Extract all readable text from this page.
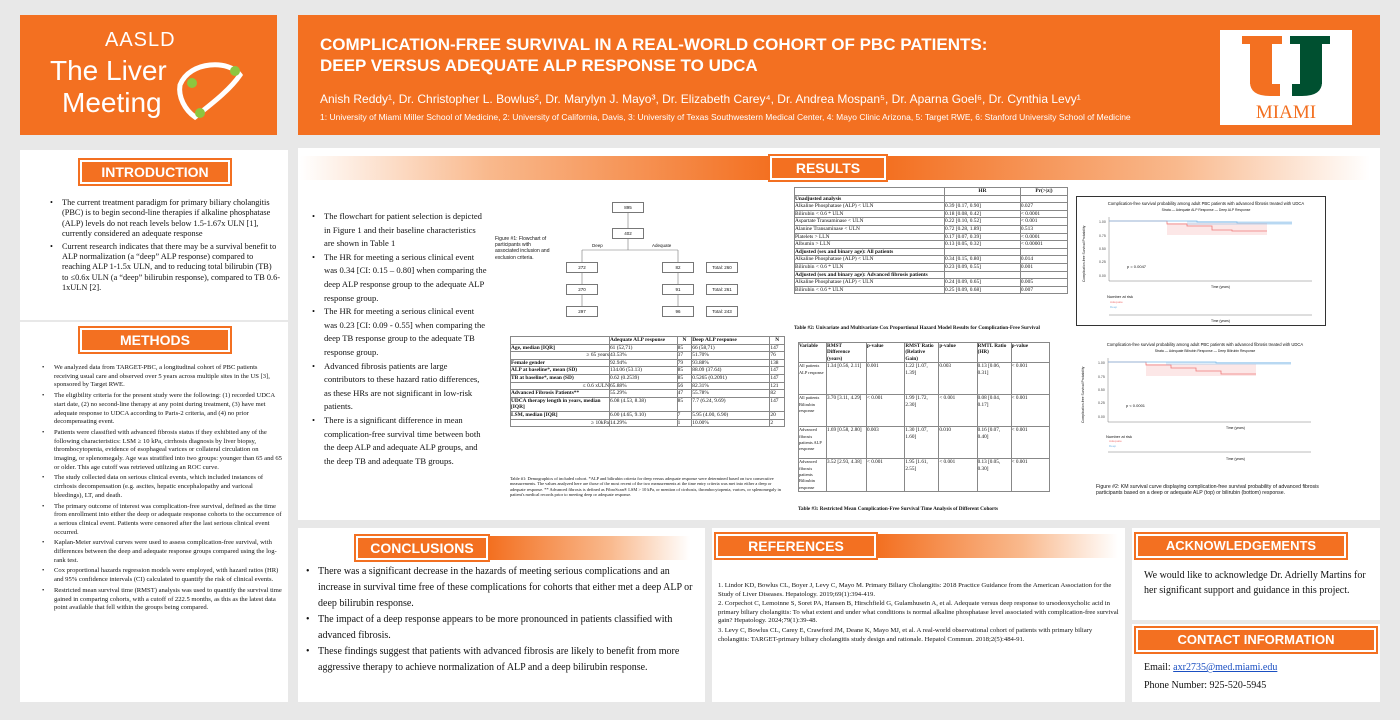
AASLD
The Liver
Meeting
COMPLICATION-FREE SURVIVAL IN A REAL-WORLD COHORT OF PBC PATIENTS:
DEEP VERSUS ADEQUATE ALP RESPONSE TO UDCA
Anish Reddy¹, Dr. Christopher L. Bowlus², Dr. Marylyn J. Mayo³, Dr. Elizabeth Carey⁴, Dr. Andrea Mospan⁵, Dr. Aparna Goel⁶, Dr. Cynthia Levy¹
1: University of Miami Miller School of Medicine, 2: University of California, Davis, 3: University of Texas Southwestern Medical Center, 4: Mayo Clinic Arizona, 5: Target RWE, 6: Stanford University School of Medicine	MIAMI
INTRODUCTION
• The current treatment paradigm for primary biliary cholangitis (PBC) is to begin second-line therapies if alkaline phosphatase (ALP) levels do not reach levels below 1.5-1.67x ULN [1], currently considered an adequate response
• Current research indicates that there may be a survival benefit to ALP normalization (a “deep” ALP response) compared to reaching ALP 1-1.5x ULN, and to reducing total bilirubin (TB) to ≤0.6x ULN (a “deep” bilirubin response), compared to TB 0.6-1xULN [2].
METHODS
• We analyzed data from TARGET-PBC, a longitudinal cohort of PBC patients receiving usual care and observed over 5 years across multiple sites in the US [3], sponsored by Target RWE.
• The eligibility criteria for the present study were the following: (1) recorded UDCA start date, (2) no second-line therapy at any point during treatment, (3) have met adequate response to UDCA according to Paris-2 criteria, and (4) no prior decompensating event.
• Patients were classified with advanced fibrosis status if they exhibited any of the following characteristics: LSM ≥ 10 kPa, cirrhosis diagnosis by liver biopsy, thrombocytopenia, evidence of esophageal varices or collateral circulation on imaging, or splenomegaly. Age was stratified into two groups: younger than 65 and 65 or older. This age cutoff was retrieved utilizing an ROC curve.
• The study collected data on serious clinical events, which included instances of cirrhosis decompensation (e.g. ascites, hepatic encephalopathy and variceal bleedings), LT, and death.
• The primary outcome of interest was complication-free survival, defined as the time from enrollment into either the deep or adequate response cohorts to the occurrence of a serious clinical event. Patients were censored after the last serious clinical event occurred.
• Kaplan-Meier survival curves were used to assess complication-free survival, with differences between the deep and adequate response groups compared using the log-rank test.
• Cox proportional hazards regression models were employed, with hazard ratios (HR) and 95% confidence intervals (CI) calculated to quantify the risk of clinical events.
• Restricted mean survival time (RMST) analysis was used to quantify the survival time gained in comparing cohorts, with a cutoff of 222.5 months, as this as the latest data point available that fell within the groups being compared.
RESULTS
• The flowchart for patient selection is depicted in Figure 1 and their baseline characteristics are shown in Table 1
• The HR for meeting a serious clinical event was 0.34 [CI: 0.15 – 0.80] when comparing the deep ALP response group to the adequate ALP response group.
• The HR for meeting a serious clinical event was 0.23 [CI: 0.09 - 0.55] when comparing the deep TB response group to the adequate TB response group.
• Advanced fibrosis patients are large contributors to these hazard ratio differences, as these HRs are not significant in low-risk patients.
• There is a significant difference in mean complication-free survival time between both the deep ALP and adequate ALP groups, and the deep TB and adequate TB groups.
Figure #1: Flowchart of participants with associated inclusion and exclusion criteria.
895
402
Deep	Adequate
272	82	Total: 260
270	91	Total: 261
297	96	Total: 243
	Adequate ALP response	N	Deep ALP response	N
Age, median [IQR]	61 (52,71)	85	66 (58,71)	147
≥ 65 years	43.53%	37	51.70%	76
Female gender	92.94%	79	93.88%	138
ALP at baseline*, mean (SD)	134.06 (53.13)	85	88.09 (37.64)	147
TB at baseline*, mean (SD)	0.62 (0.2539)	85	0.5265 (0.2091)	147
≤ 0.6 xULN	65.88%	56	82.31%	121
Advanced Fibrosis Patients**	55.29%	47	55.78%	82
UDCA therapy length in years, median [IQR]	6.08 (4.53, 8.38)	85	7.7 (6.24, 9.69)	147
LSM, median [IQR]	6.00 (4.65, 9.10)	7	5.95 (4.00, 6.90)	20
≥ 10kPa	14.29%	1	10.00%	2
Table #1: Demographics of included cohort. *ALP and bilirubin criteria for deep versus adequate response were determined based on two consecutive measurements. The values analyzed here are those of the most recent of the two measurements at the time entry criteria was met into either a deep or adequate response. ** Advanced fibrosis is defined as FibroScan® LSM > 10 kPa, or mention of cirrhosis, thrombocytopenia, varices, or splenomegaly in patient's medical records prior to meeting deep or adequate response.
	HR	Pr(>|z|)
Unadjusted analysis		
Alkaline Phosphatase (ALP) < ULN	0.39 [0.17, 0.90]	0.027
Bilirubin < 0.6 * ULN	0.18 [0.08, 0.42]	< 0.0001
Aspartate Transaminase < ULN	0.22 [0.10, 0.52]	< 0.001
Alanine Transaminase < ULN	0.72 [0.28, 1.89]	0.513
Platelets > LLN	0.17 [0.07, 0.39]	< 0.0001
Albumin > LLN	0.13 [0.05, 0.32]	< 0.00001
Adjusted (sex and binary age): All patients		
Alkaline Phosphatase (ALP) < ULN	0.34 [0.15, 0.80]	0.014
Bilirubin < 0.6 * ULN	0.23 [0.09, 0.55]	0.001
Adjusted (sex and binary age): Advanced fibrosis patients		
Alkaline Phosphatase (ALP) < ULN	0.24 [0.09, 0.65]	0.005
Bilirubin < 0.6 * ULN	0.25 [0.09, 0.68]	0.007
Table #2: Univariate and Multivariate Cox Proportional Hazard Model Results for Complication-Free Survival
Variable	RMST Difference (years)	p-value	RMST Ratio (Relative Gain)	p-value	RMTL Ratio (HR)	p-value
All patients ALP response	1.34 [0.56, 2.11]	0.001	1.22 [1.07, 1.39]	0.003	0.13 [0.06, 0.31]	< 0.001
All patients Bilirubin response	3.70 [3.11, 4.29]	< 0.001	1.99 [1.72, 2.30]	< 0.001	0.08 [0.04, 0.17]	< 0.001
Advanced fibrosis patients ALP response	1.69 [0.58, 2.80]	0.003	1.30 [1.07, 1.60]	0.010	0.16 [0.07, 0.40]	< 0.001
Advanced fibrosis patients Bilirubin response	3.52 [2.93, 4.38]	< 0.001	1.95 [1.61, 2.55]	< 0.001	0.13 [0.05, 0.30]	< 0.001
Table #3: Restricted Mean Complication-Free Survival Time Analysis of Different Cohorts
Complication-free survival probability among adult PBC patients with advanced fibrosis treated with UDCA
Strata — Adequate ALP Response — Deep ALP Response
Complication-free Survival Probability	p = 0.0047
Time (years)
Number at risk
Time (years)
1.00
0.75
0.50
0.25
0.00
Adequate
Deep
Complication-free survival probability among adult PBC patients with advanced fibrosis treated with UDCA
Strata — Adequate Bilirubin Response — Deep Bilirubin Response
Complication-free Survival Probability	p < 0.0001
Time (years)
Number at risk
Time (years)
1.00
0.75
0.50
0.25
0.00
Adequate
Deep
Figure #2: KM survival curve displaying complication-free survival probability of advanced fibrosis participants based on a deep or adequate ALP (top) or bilirubin (bottom) response.
CONCLUSIONS
• There was a significant decrease in the hazards of meeting serious complications and an increase in survival time free of these complications for cohorts that either met a deep ALP or deep bilirubin response.
• The impact of a deep response appears to be more pronounced in patients classified with advanced fibrosis.
• These findings suggest that patients with advanced fibrosis are likely to benefit from more aggressive therapy to achieve normalization of ALP and a deep bilirubin response.
REFERENCES
1. Lindor KD, Bowlus CL, Boyer J, Levy C, Mayo M. Primary Biliary Cholangitis: 2018 Practice Guidance from the American Association for the Study of Liver Diseases. Hepatology. 2019;69(1):394-419.
2. Corpechot C, Lemoinne S, Soret PA, Hansen B, Hirschfield G, Gulamhusein A, et al. Adequate versus deep response to ursodeoxycholic acid in primary biliary cholangitis: To what extent and under what conditions is normal alkaline phosphatase level associated with complication-free survival gain? Hepatology. 2024;79(1):39-48.
3. Levy C, Bowlus CL, Carey E, Crawford JM, Deane K, Mayo MJ, et al. A real-world observational cohort of patients with primary biliary cholangitis: TARGET-primary biliary cholangitis study design and rationale. Hepatol Commun. 2018;2(5):484-91.
ACKNOWLEDGEMENTS
We would like to acknowledge Dr. Adrielly Martins for her significant support and guidance in this project.
CONTACT INFORMATION
Email: axr2735@med.miami.edu
Phone Number: 925-520-5945
